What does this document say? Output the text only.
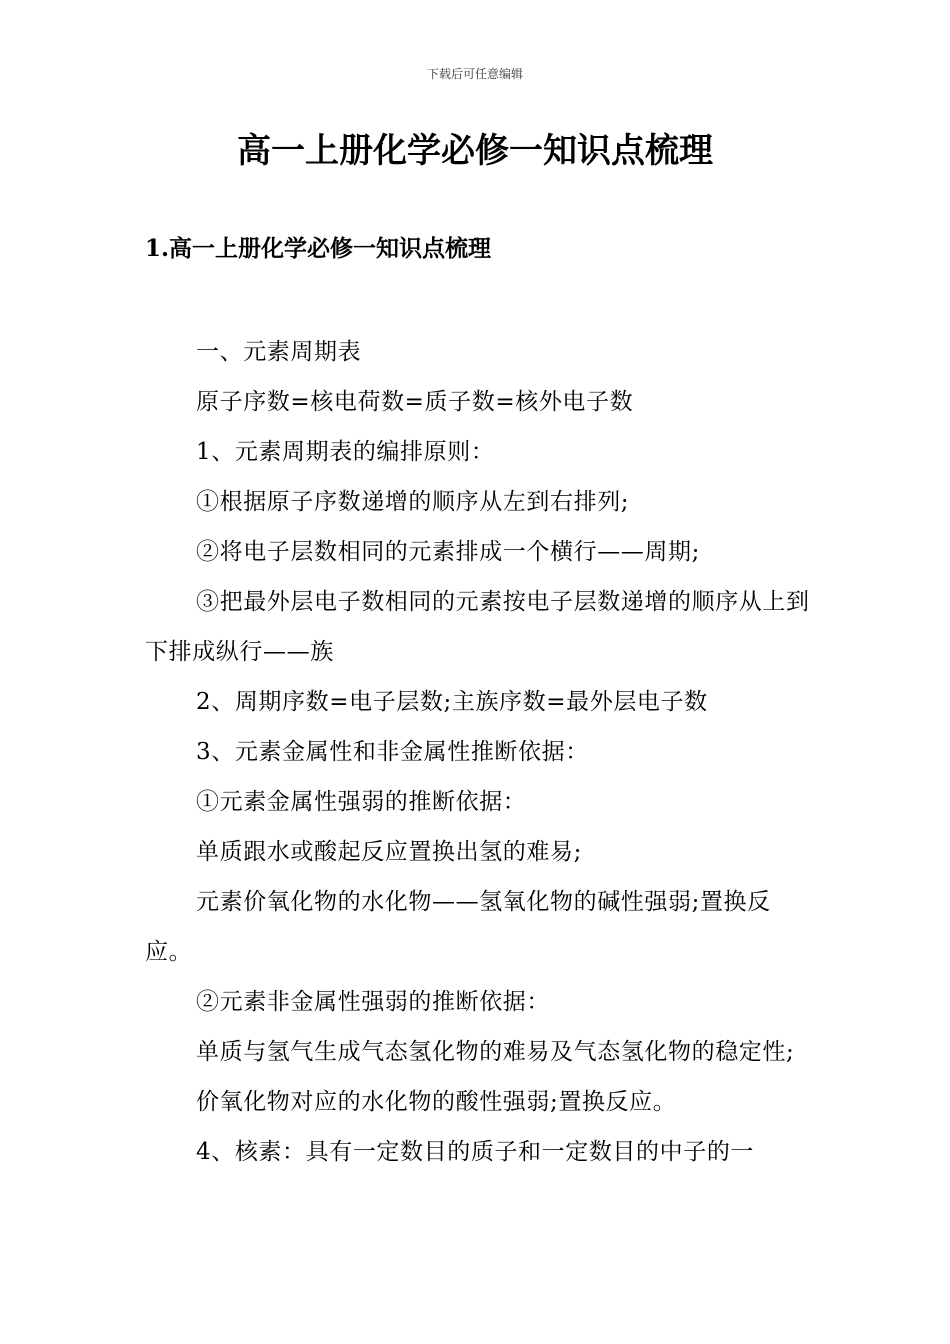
下载后可任意编辑
高一上册化学必修一知识点梳理
1.高一上册化学必修一知识点梳理

一、元素周期表

原子序数=核电荷数=质子数=核外电子数

1、元素周期表的编排原则：

①根据原子序数递增的顺序从左到右排列;

②将电子层数相同的元素排成一个横行——周期;

③把最外层电子数相同的元素按电子层数递增的顺序从上到下排成纵行——族

2、周期序数=电子层数;主族序数=最外层电子数

3、元素金属性和非金属性推断依据：

①元素金属性强弱的推断依据：

单质跟水或酸起反应置换出氢的难易;

元素价氧化物的水化物——氢氧化物的碱性强弱;置换反应。

②元素非金属性强弱的推断依据：

单质与氢气生成气态氢化物的难易及气态氢化物的稳定性;

价氧化物对应的水化物的酸性强弱;置换反应。

4、核素：具有一定数目的质子和一定数目的中子的一
